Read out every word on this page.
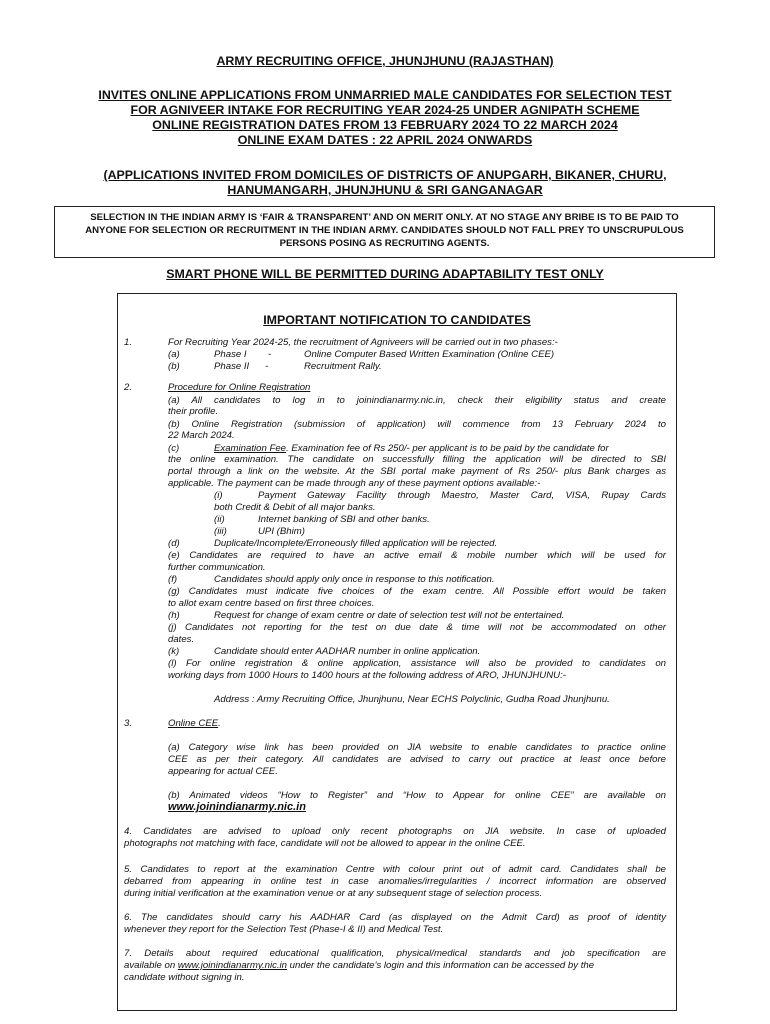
ARMY RECRUITING OFFICE, JHUNJHUNU (RAJASTHAN)
INVITES ONLINE APPLICATIONS FROM UNMARRIED MALE CANDIDATES FOR SELECTION TEST
FOR AGNIVEER INTAKE FOR RECRUITING YEAR 2024-25 UNDER AGNIPATH SCHEME
ONLINE REGISTRATION DATES FROM 13 FEBRUARY 2024 TO 22 MARCH 2024
ONLINE EXAM DATES : 22 APRIL 2024 ONWARDS
(APPLICATIONS INVITED FROM DOMICILES OF DISTRICTS OF ANUPGARH, BIKANER, CHURU,
HANUMANGARH, JHUNJHUNU & SRI GANGANAGAR
SELECTION IN THE INDIAN ARMY IS ‘FAIR & TRANSPARENT’ AND ON MERIT ONLY. AT NO STAGE ANY BRIBE IS TO BE PAID TO
ANYONE FOR SELECTION OR RECRUITMENT IN THE INDIAN ARMY. CANDIDATES SHOULD NOT FALL PREY TO UNSCRUPULOUS
PERSONS POSING AS RECRUITING AGENTS.
SMART PHONE WILL BE PERMITTED DURING ADAPTABILITY TEST ONLY
IMPORTANT NOTIFICATION TO CANDIDATES
1.	For Recruiting Year 2024-25, the recruitment of Agniveers will be carried out in two phases:-
(a)	Phase I -	Online Computer Based Written Examination (Online CEE)
(b)	Phase II -	Recruitment Rally.
2.	Procedure for Online Registration
(a) All candidates to log in to joinindianarmy.nic.in, check their eligibility status and create
their profile.
(b) Online Registration (submission of application) will commence from 13 February 2024 to
22 March 2024.
(c)	Examination Fee. Examination fee of Rs 250/- per applicant is to be paid by the candidate for
the online examination. The candidate on successfully filling the application will be directed to SBI
portal through a link on the website. At the SBI portal make payment of Rs 250/- plus Bank charges as
applicable. The payment can be made through any of these payment options available:-
(i)	Payment Gateway Facility through Maestro, Master Card, VISA, Rupay Cards
both Credit & Debit of all major banks.
(ii)	Internet banking of SBI and other banks.
(iii)	UPI (Bhim)
(d)	Duplicate/Incomplete/Erroneously filled application will be rejected.
(e) Candidates are required to have an active email & mobile number which will be used for
further communication.
(f)	Candidates should apply only once in response to this notification.
(g) Candidates must indicate five choices of the exam centre. All Possible effort would be taken
to allot exam centre based on first three choices.
(h)	Request for change of exam centre or date of selection test will not be entertained.
(j) Candidates not reporting for the test on due date & time will not be accommodated on other
dates.
(k)	Candidate should enter AADHAR number in online application.
(l) For online registration & online application, assistance will also be provided to candidates on
working days from 1000 Hours to 1400 hours at the following address of ARO, JHUNJHUNU:-
Address : Army Recruiting Office, Jhunjhunu, Near ECHS Polyclinic, Gudha Road Jhunjhunu.
3.	Online CEE.
(a) Category wise link has been provided on JIA website to enable candidates to practice online
CEE as per their category. All candidates are advised to carry out practice at least once before
appearing for actual CEE.
(b) Animated videos “How to Register” and “How to Appear for online CEE” are available on
www.joinindianarmy.nic.in
4. Candidates are advised to upload only recent photographs on JIA website. In case of uploaded
photographs not matching with face, candidate will not be allowed to appear in the online CEE.
5. Candidates to report at the examination Centre with colour print out of admit card. Candidates shall be
debarred from appearing in online test in case anomalies/irregularities / incorrect information are observed
during initial verification at the examination venue or at any subsequent stage of selection process.
6. The candidates should carry his AADHAR Card (as displayed on the Admit Card) as proof of identity
whenever they report for the Selection Test (Phase-I & II) and Medical Test.
7. Details about required educational qualification, physical/medical standards and job specification are
available on www.joinindianarmy.nic.in under the candidate’s login and this information can be accessed by the
candidate without signing in.
